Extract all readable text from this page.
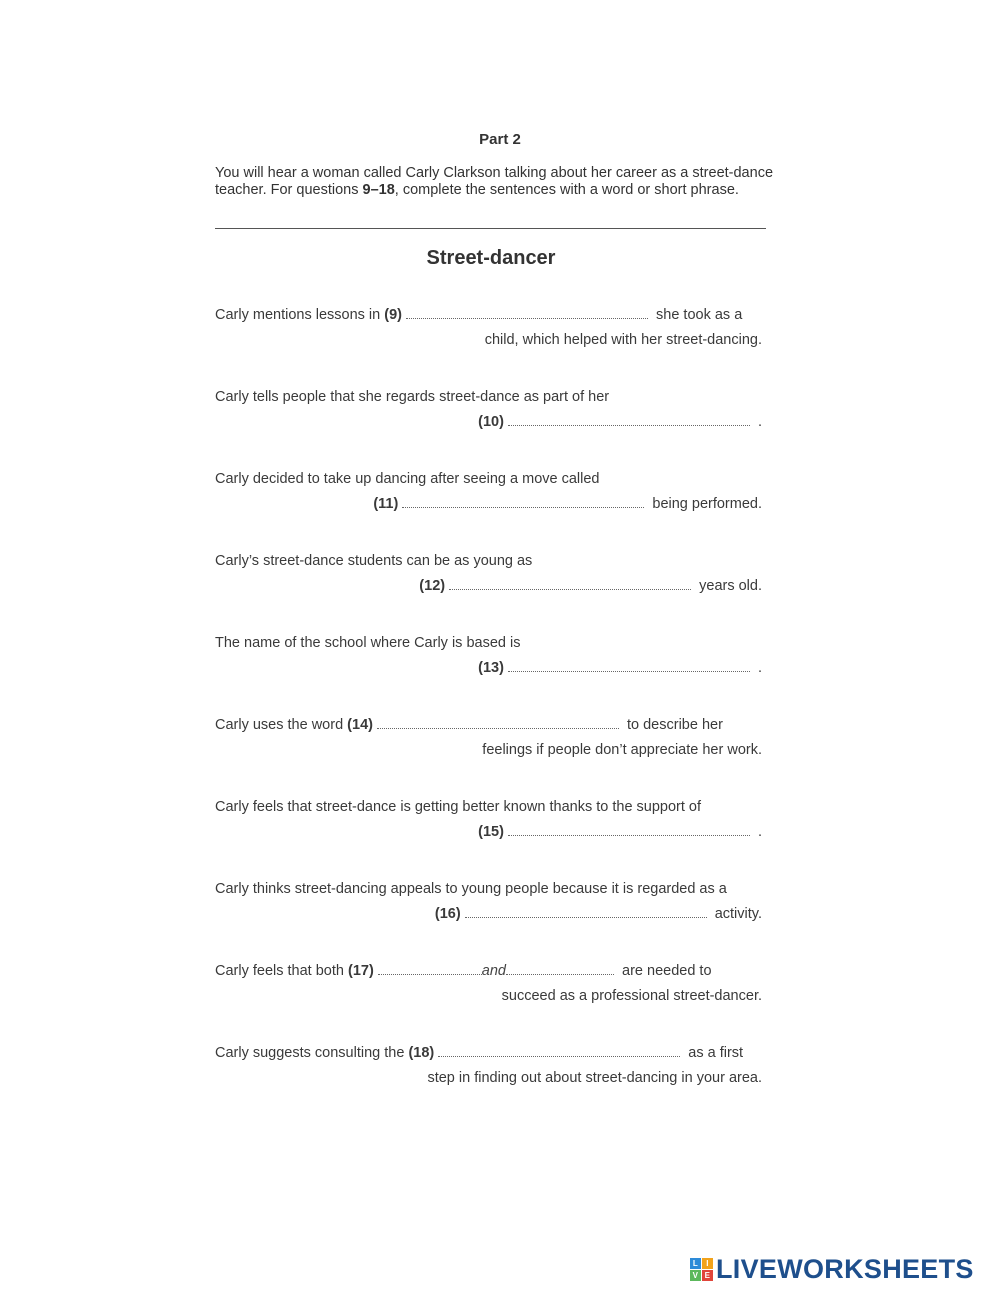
Part 2
You will hear a woman called Carly Clarkson talking about her career as a street-dance teacher. For questions 9–18, complete the sentences with a word or short phrase.
Street-dancer
Carly mentions lessons in (9)	she took as a
child, which helped with her street-dancing.
Carly tells people that she regards street-dance as part of her
(10)	.
Carly decided to take up dancing after seeing a move called
(11)	being performed.
Carly’s street-dance students can be as young as
(12)	years old.
The name of the school where Carly is based is
(13)	.
Carly uses the word (14)	to describe her
feelings if people don’t appreciate her work.
Carly feels that street-dance is getting better known thanks to the support of
(15)	.
Carly thinks street-dancing appeals to young people because it is regarded as a
(16)	activity.
Carly feels that both (17)	and	are needed to
succeed as a professional street-dancer.
Carly suggests consulting the (18)	as a first
step in finding out about street-dancing in your area.
L	I
V E LIVEWORKSHEETS
